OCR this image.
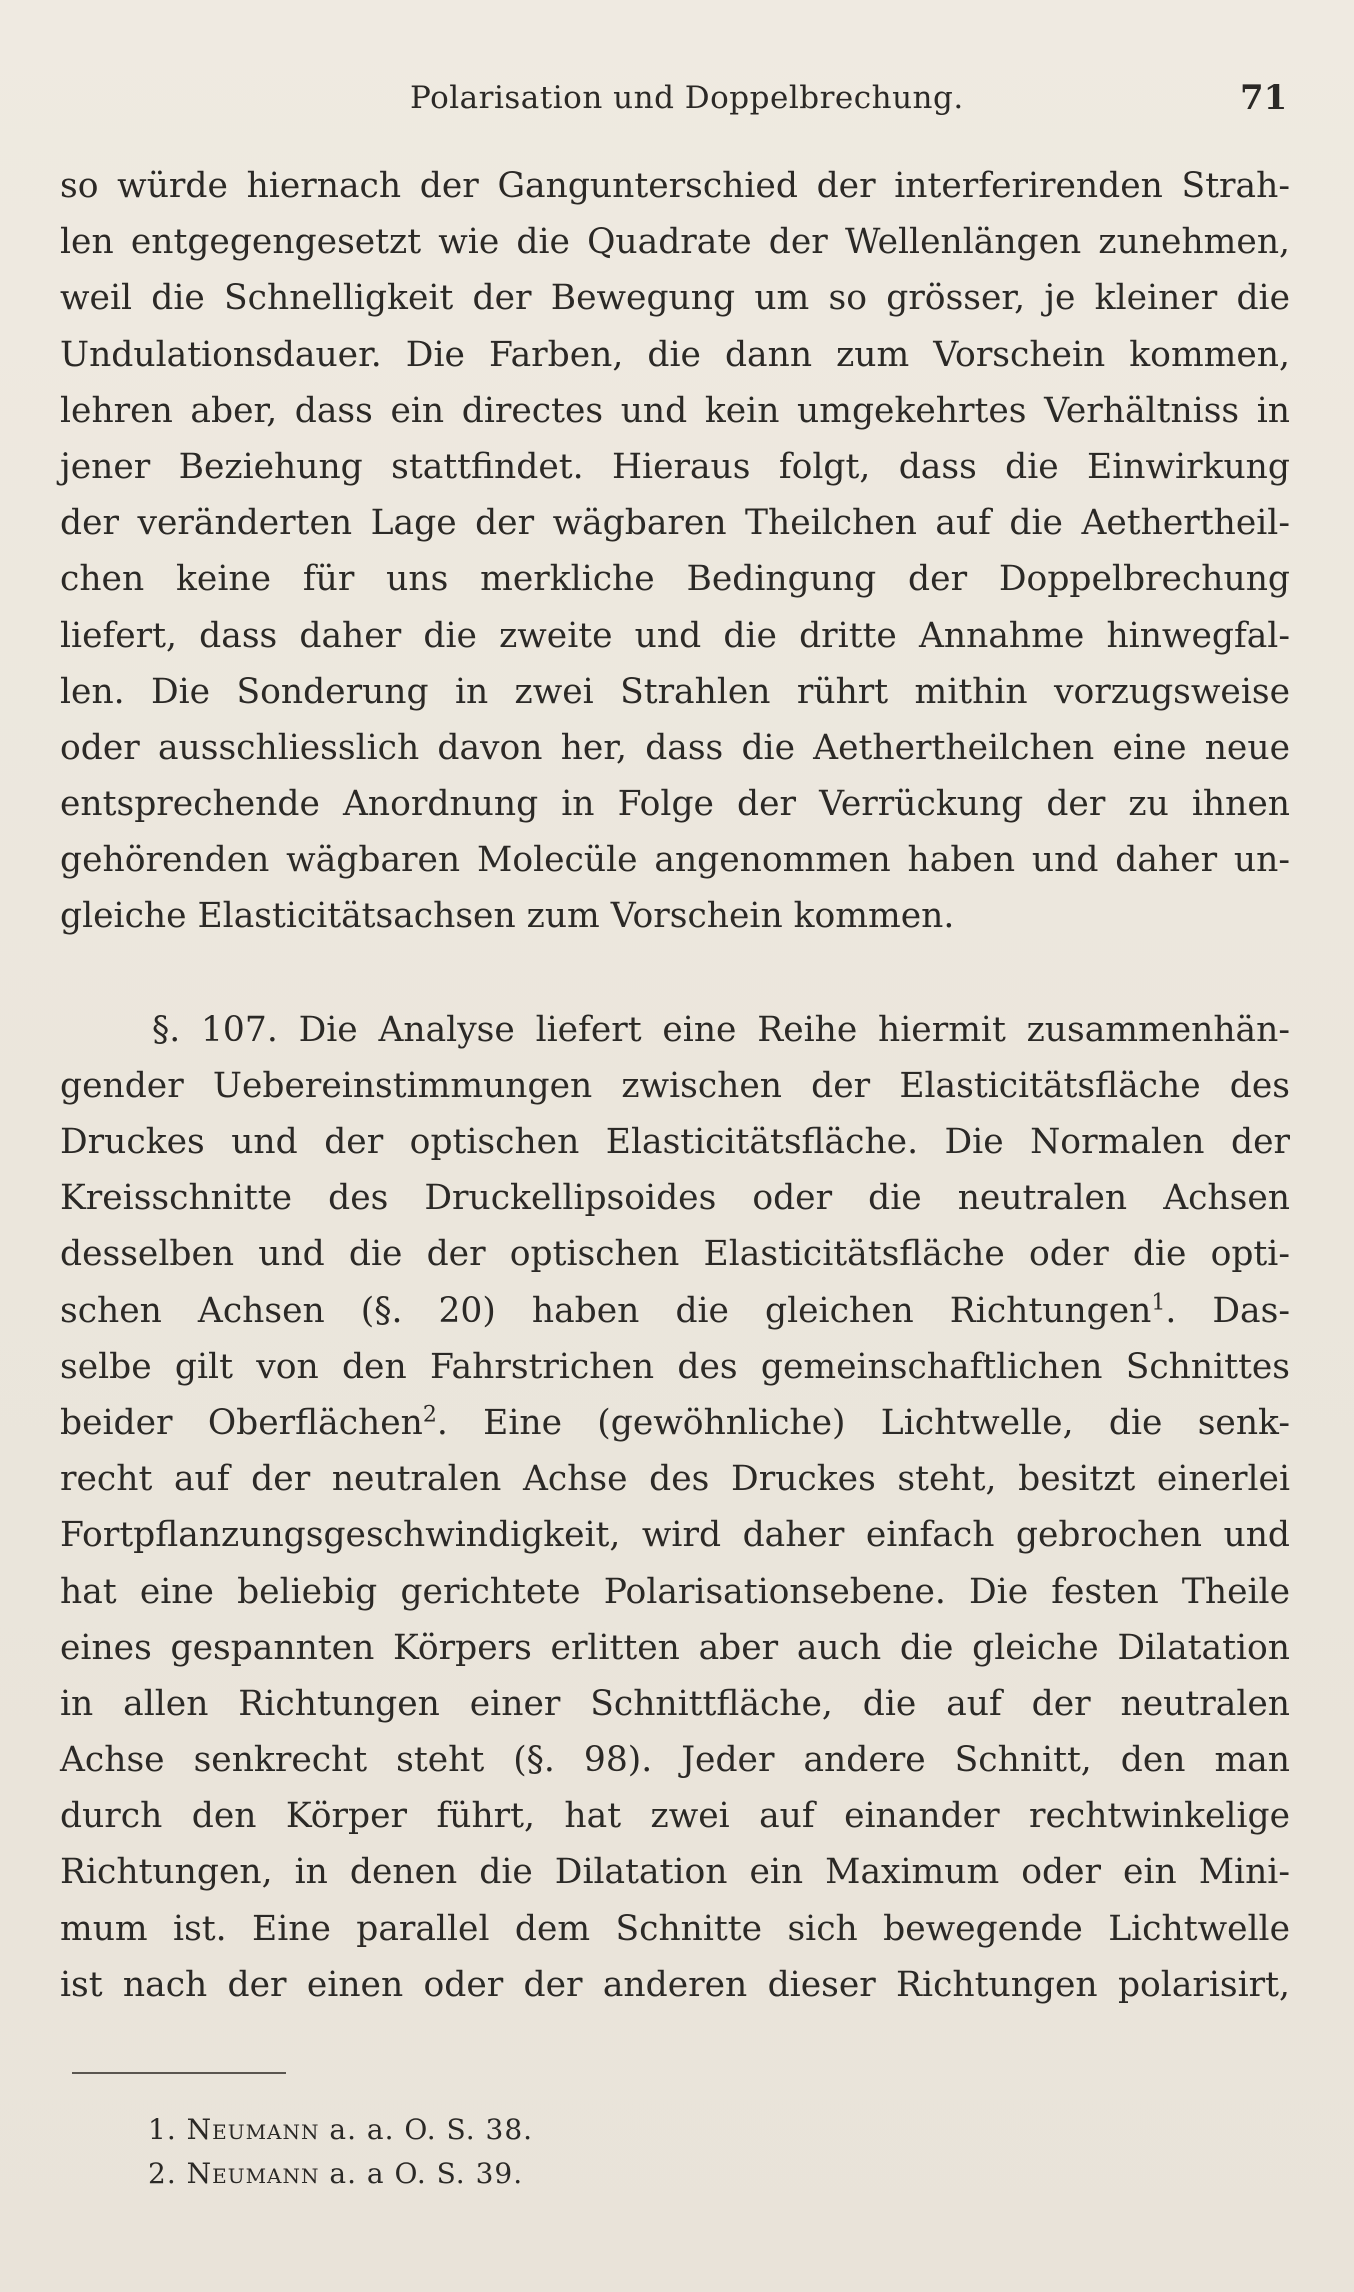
Polarisation und Doppelbrechung.	71
so würde hiernach der Gangunterschied der interferirenden Strah-
len entgegengesetzt wie die Quadrate der Wellenlängen zunehmen,
weil die Schnelligkeit der Bewegung um so grösser, je kleiner die
Undulationsdauer. Die Farben, die dann zum Vorschein kommen,
lehren aber, dass ein directes und kein umgekehrtes Verhältniss in
jener Beziehung stattfindet. Hieraus folgt, dass die Einwirkung
der veränderten Lage der wägbaren Theilchen auf die Aethertheil-
chen keine für uns merkliche Bedingung der Doppelbrechung
liefert, dass daher die zweite und die dritte Annahme hinwegfal-
len. Die Sonderung in zwei Strahlen rührt mithin vorzugsweise
oder ausschliesslich davon her, dass die Aethertheilchen eine neue
entsprechende Anordnung in Folge der Verrückung der zu ihnen
gehörenden wägbaren Molecüle angenommen haben und daher un-
gleiche Elasticitätsachsen zum Vorschein kommen.
§. 107. Die Analyse liefert eine Reihe hiermit zusammenhän-
gender Uebereinstimmungen zwischen der Elasticitätsfläche des
Druckes und der optischen Elasticitätsfläche. Die Normalen der
Kreisschnitte des Druckellipsoides oder die neutralen Achsen
desselben und die der optischen Elasticitätsfläche oder die opti-
schen Achsen (§. 20) haben die gleichen Richtungen$^1$. Das-
selbe gilt von den Fahrstrichen des gemeinschaftlichen Schnittes
beider Oberflächen$^2$. Eine (gewöhnliche) Lichtwelle, die senk-
recht auf der neutralen Achse des Druckes steht, besitzt einerlei
Fortpflanzungsgeschwindigkeit, wird daher einfach gebrochen und
hat eine beliebig gerichtete Polarisationsebene. Die festen Theile
eines gespannten Körpers erlitten aber auch die gleiche Dilatation
in allen Richtungen einer Schnittfläche, die auf der neutralen
Achse senkrecht steht (§. 98). Jeder andere Schnitt, den man
durch den Körper führt, hat zwei auf einander rechtwinkelige
Richtungen, in denen die Dilatation ein Maximum oder ein Mini-
mum ist. Eine parallel dem Schnitte sich bewegende Lichtwelle
ist nach der einen oder der anderen dieser Richtungen polarisirt,
1. Neumann a. a. O. S. 38.
2. Neumann a. a O. S. 39.
